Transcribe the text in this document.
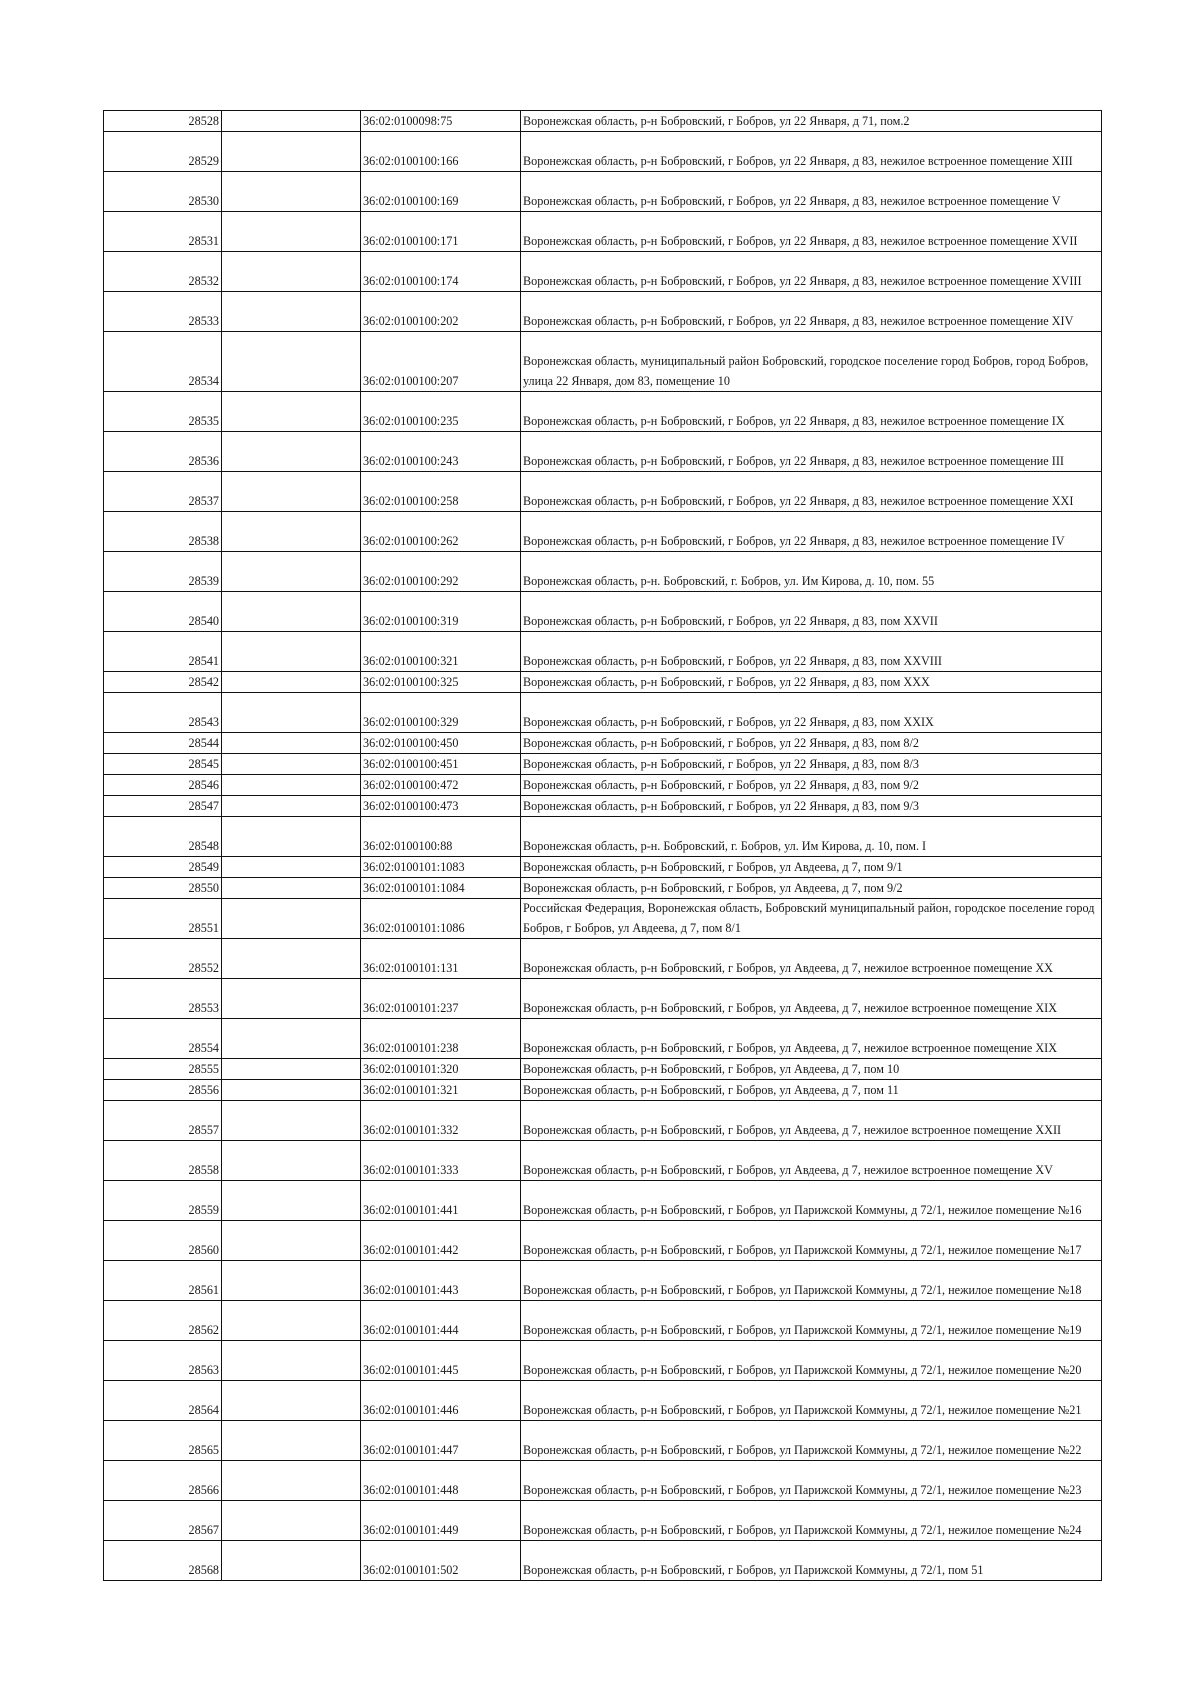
28528		36:02:0100098:75	Воронежская область, р-н Бобровский, г Бобров, ул 22 Января, д 71, пом.2
28529		36:02:0100100:166	Воронежская область, р-н Бобровский, г Бобров, ул 22 Января, д 83, нежилое встроенное помещение XIII
28530		36:02:0100100:169	Воронежская область, р-н Бобровский, г Бобров, ул 22 Января, д 83, нежилое встроенное помещение V
28531		36:02:0100100:171	Воронежская область, р-н Бобровский, г Бобров, ул 22 Января, д 83, нежилое встроенное помещение XVII
28532		36:02:0100100:174	Воронежская область, р-н Бобровский, г Бобров, ул 22 Января, д 83, нежилое встроенное помещение XVIII
28533		36:02:0100100:202	Воронежская область, р-н Бобровский, г Бобров, ул 22 Января, д 83, нежилое встроенное помещение XIV
28534		36:02:0100100:207	Воронежская область, муниципальный район Бобровский, городское поселение город Бобров, город Бобров, улица 22 Января, дом 83, помещение 10
28535		36:02:0100100:235	Воронежская область, р-н Бобровский, г Бобров, ул 22 Января, д 83, нежилое встроенное помещение IX
28536		36:02:0100100:243	Воронежская область, р-н Бобровский, г Бобров, ул 22 Января, д 83, нежилое встроенное помещение III
28537		36:02:0100100:258	Воронежская область, р-н Бобровский, г Бобров, ул 22 Января, д 83, нежилое встроенное помещение XXI
28538		36:02:0100100:262	Воронежская область, р-н Бобровский, г Бобров, ул 22 Января, д 83, нежилое встроенное помещение IV
28539		36:02:0100100:292	Воронежская область, р-н. Бобровский, г. Бобров, ул. Им Кирова, д. 10, пом. 55
28540		36:02:0100100:319	Воронежская область, р-н Бобровский, г Бобров, ул 22 Января, д 83, пом XXVII
28541		36:02:0100100:321	Воронежская область, р-н Бобровский, г Бобров, ул 22 Января, д 83, пом XXVIII
28542		36:02:0100100:325	Воронежская область, р-н Бобровский, г Бобров, ул 22 Января, д 83, пом XXX
28543		36:02:0100100:329	Воронежская область, р-н Бобровский, г Бобров, ул 22 Января, д 83, пом XXIX
28544		36:02:0100100:450	Воронежская область, р-н Бобровский, г Бобров, ул 22 Января, д 83, пом 8/2
28545		36:02:0100100:451	Воронежская область, р-н Бобровский, г Бобров, ул 22 Января, д 83, пом 8/3
28546		36:02:0100100:472	Воронежская область, р-н Бобровский, г Бобров, ул 22 Января, д 83, пом 9/2
28547		36:02:0100100:473	Воронежская область, р-н Бобровский, г Бобров, ул 22 Января, д 83, пом 9/3
28548		36:02:0100100:88	Воронежская область, р-н. Бобровский, г. Бобров, ул. Им Кирова, д. 10, пом. I
28549		36:02:0100101:1083	Воронежская область, р-н Бобровский, г Бобров, ул Авдеева, д 7, пом 9/1
28550		36:02:0100101:1084	Воронежская область, р-н Бобровский, г Бобров, ул Авдеева, д 7, пом 9/2
28551		36:02:0100101:1086	Российская Федерация, Воронежская область, Бобровский муниципальный район, городское поселение город Бобров, г Бобров, ул Авдеева, д 7, пом 8/1
28552		36:02:0100101:131	Воронежская область, р-н Бобровский, г Бобров, ул Авдеева, д 7, нежилое встроенное помещение XX
28553		36:02:0100101:237	Воронежская область, р-н Бобровский, г Бобров, ул Авдеева, д 7, нежилое встроенное помещение XIX
28554		36:02:0100101:238	Воронежская область, р-н Бобровский, г Бобров, ул Авдеева, д 7, нежилое встроенное помещение XIX
28555		36:02:0100101:320	Воронежская область, р-н Бобровский, г Бобров, ул Авдеева, д 7, пом 10
28556		36:02:0100101:321	Воронежская область, р-н Бобровский, г Бобров, ул Авдеева, д 7, пом 11
28557		36:02:0100101:332	Воронежская область, р-н Бобровский, г Бобров, ул Авдеева, д 7, нежилое встроенное помещение XXII
28558		36:02:0100101:333	Воронежская область, р-н Бобровский, г Бобров, ул Авдеева, д 7, нежилое встроенное помещение XV
28559		36:02:0100101:441	Воронежская область, р-н Бобровский, г Бобров, ул Парижской Коммуны, д 72/1, нежилое помещение №16
28560		36:02:0100101:442	Воронежская область, р-н Бобровский, г Бобров, ул Парижской Коммуны, д 72/1, нежилое помещение №17
28561		36:02:0100101:443	Воронежская область, р-н Бобровский, г Бобров, ул Парижской Коммуны, д 72/1, нежилое помещение №18
28562		36:02:0100101:444	Воронежская область, р-н Бобровский, г Бобров, ул Парижской Коммуны, д 72/1, нежилое помещение №19
28563		36:02:0100101:445	Воронежская область, р-н Бобровский, г Бобров, ул Парижской Коммуны, д 72/1, нежилое помещение №20
28564		36:02:0100101:446	Воронежская область, р-н Бобровский, г Бобров, ул Парижской Коммуны, д 72/1, нежилое помещение №21
28565		36:02:0100101:447	Воронежская область, р-н Бобровский, г Бобров, ул Парижской Коммуны, д 72/1, нежилое помещение №22
28566		36:02:0100101:448	Воронежская область, р-н Бобровский, г Бобров, ул Парижской Коммуны, д 72/1, нежилое помещение №23
28567		36:02:0100101:449	Воронежская область, р-н Бобровский, г Бобров, ул Парижской Коммуны, д 72/1, нежилое помещение №24
28568		36:02:0100101:502	Воронежская область, р-н Бобровский, г Бобров, ул Парижской Коммуны, д 72/1, пом 51
